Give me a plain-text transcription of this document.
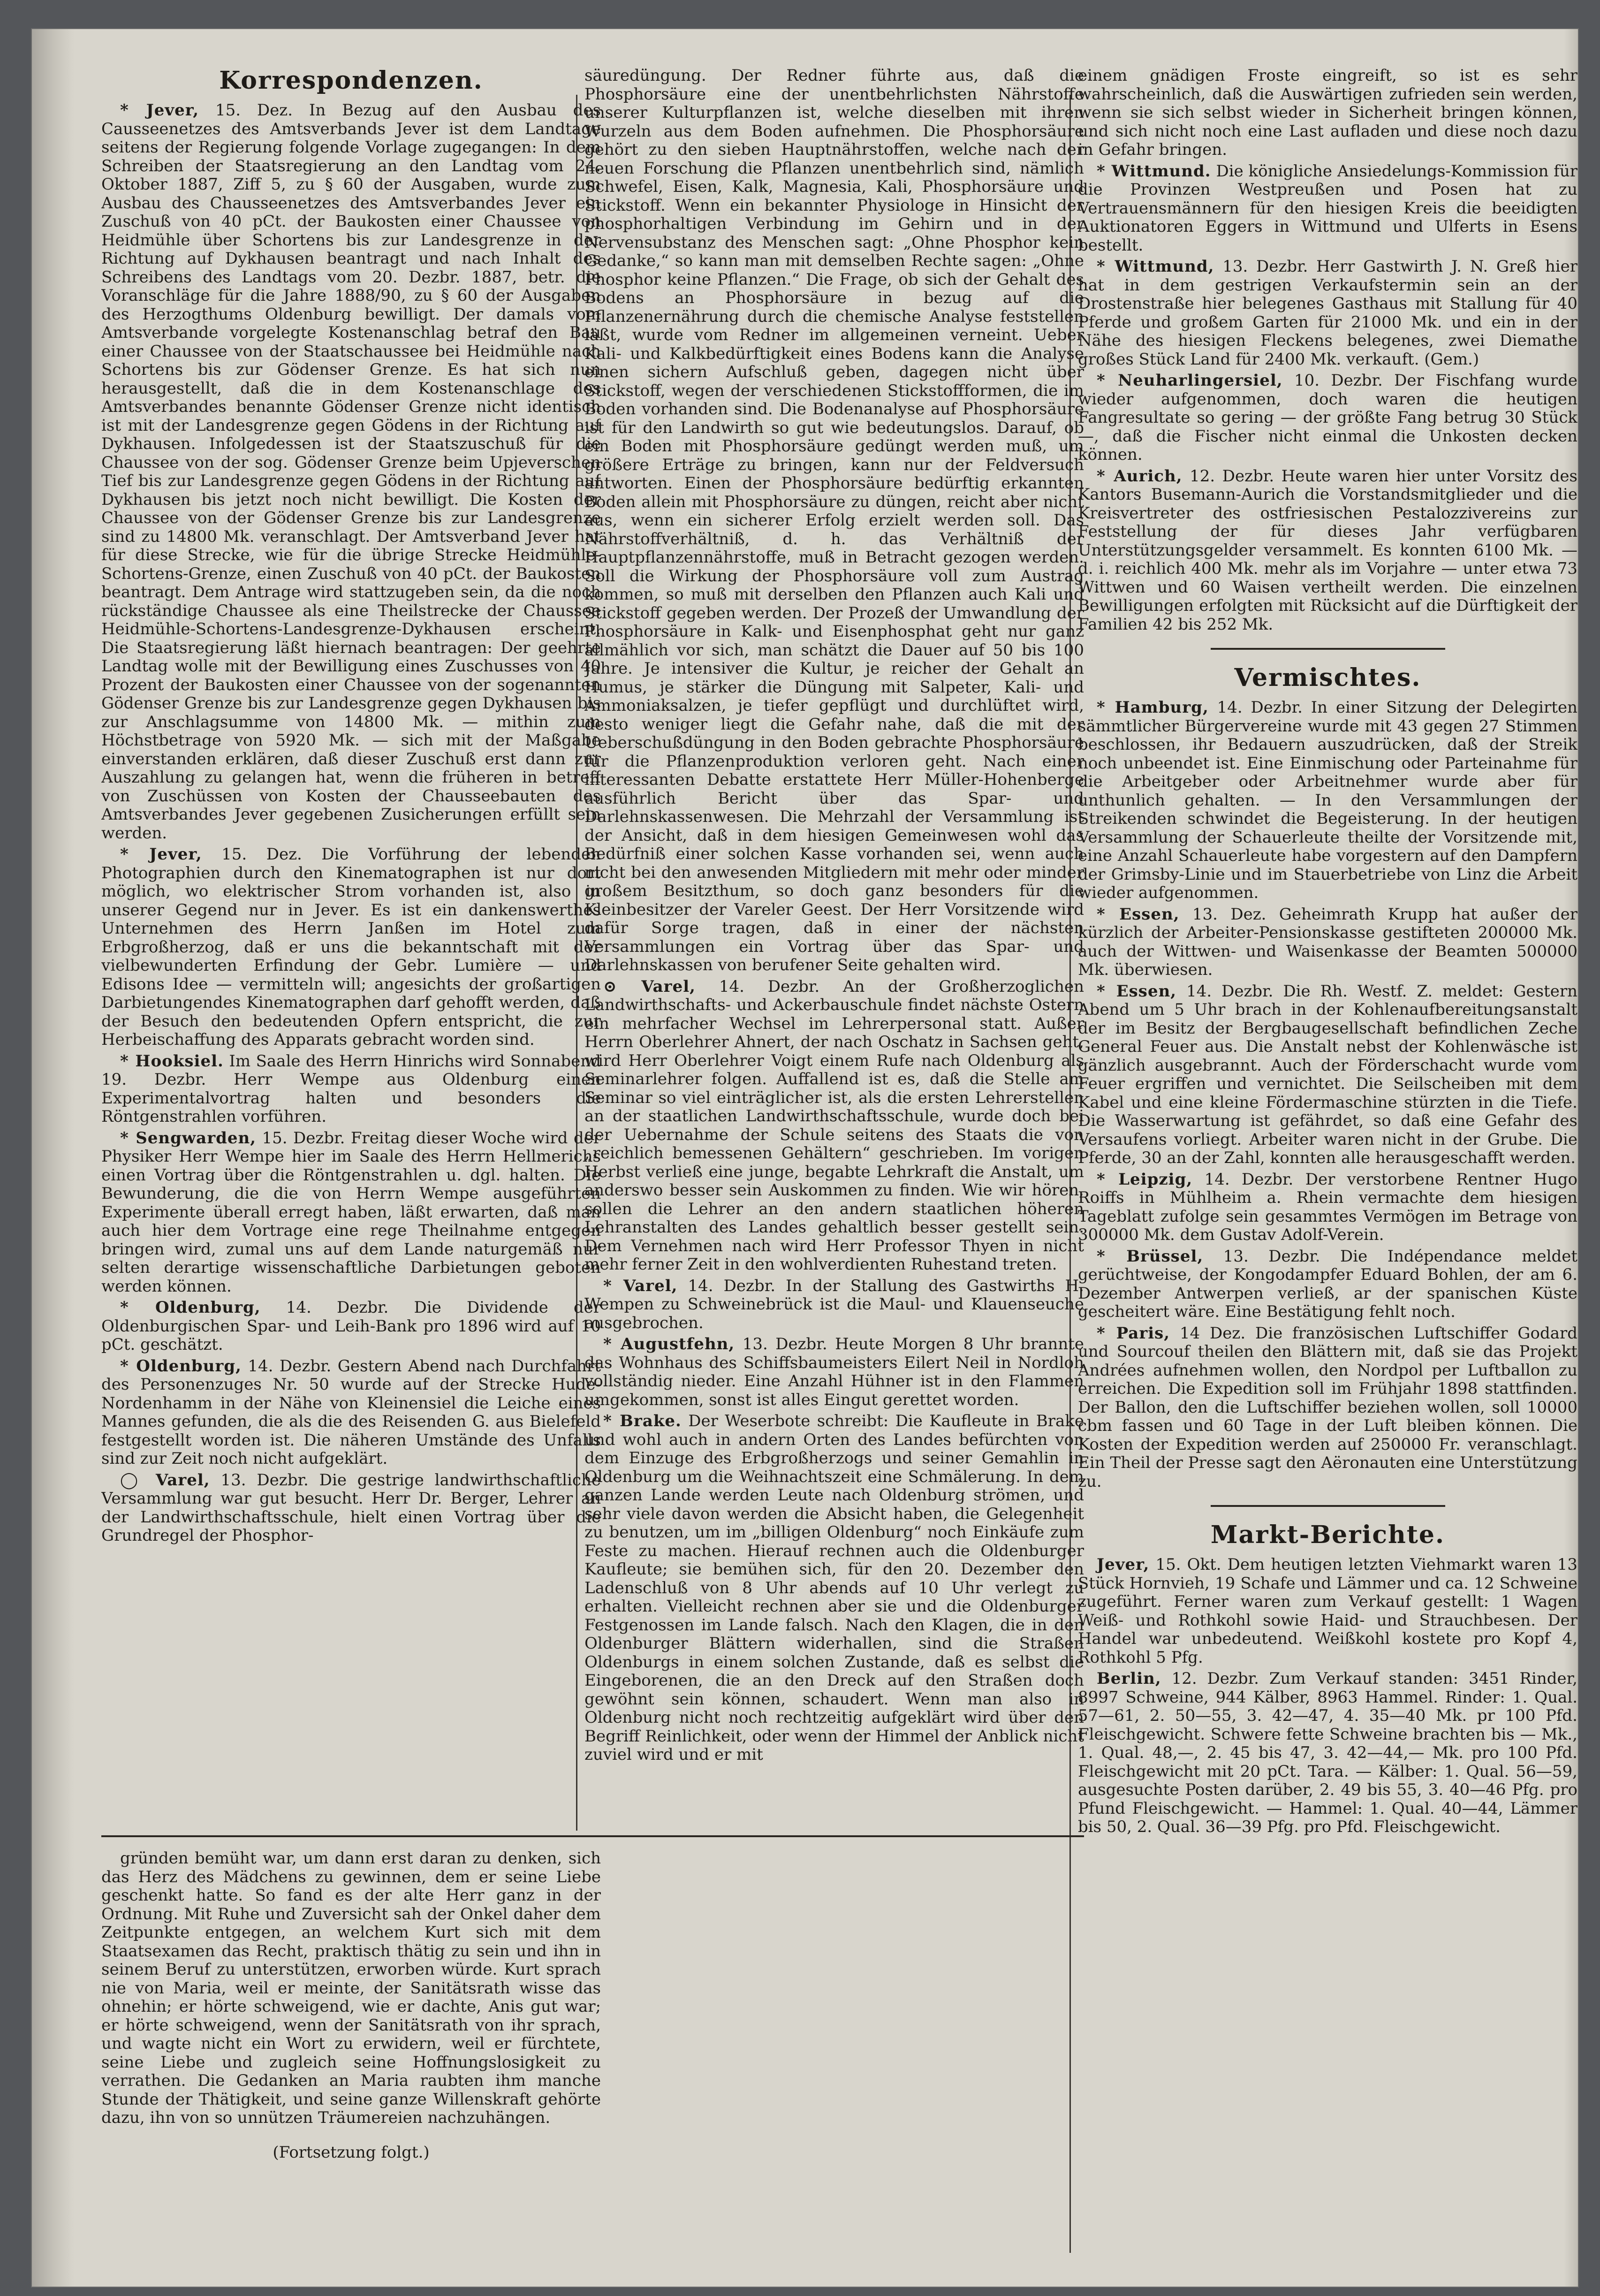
Korrespondenzen.

* Jever, 15. Dez. In Bezug auf den Ausbau des Causseenetzes des Amtsverbands Jever ist dem Landtage seitens der Regierung folgende Vorlage zugegangen: In dem Schreiben der Staatsregierung an den Landtag vom 24. Oktober 1887, Ziff 5, zu § 60 der Ausgaben, wurde zum Ausbau des Chausseenetzes des Amtsverbandes Jever ein Zuschuß von 40 pCt. der Baukosten einer Chaussee von Heidmühle über Schortens bis zur Landesgrenze in der Richtung auf Dykhausen beantragt und nach Inhalt des Schreibens des Landtags vom 20. Dezbr. 1887, betr. die Voranschläge für die Jahre 1888/90, zu § 60 der Ausgaben des Herzogthums Oldenburg bewilligt. Der damals vom Amtsverbande vorgelegte Kostenanschlag betraf den Bau einer Chaussee von der Staatschaussee bei Heidmühle nach Schortens bis zur Gödenser Grenze. Es hat sich nun herausgestellt, daß die in dem Kostenanschlage des Amtsverbandes benannte Gödenser Grenze nicht identisch ist mit der Landesgrenze gegen Gödens in der Richtung auf Dykhausen. Infolgedessen ist der Staatszuschuß für die Chaussee von der sog. Gödenser Grenze beim Upjeverschen Tief bis zur Landesgrenze gegen Gödens in der Richtung auf Dykhausen bis jetzt noch nicht bewilligt. Die Kosten der Chaussee von der Gödenser Grenze bis zur Landesgrenze sind zu 14800 Mk. veranschlagt. Der Amtsverband Jever hat für diese Strecke, wie für die übrige Strecke Heidmühle-Schortens-Grenze, einen Zuschuß von 40 pCt. der Baukosten beantragt. Dem Antrage wird stattzugeben sein, da die noch rückständige Chaussee als eine Theilstrecke der Chaussee Heidmühle-Schortens-Landesgrenze-Dykhausen erscheint. Die Staatsregierung läßt hiernach beantragen: Der geehrte Landtag wolle mit der Bewilligung eines Zuschusses von 40 Prozent der Baukosten einer Chaussee von der sogenannten Gödenser Grenze bis zur Landesgrenze gegen Dykhausen bis zur Anschlagsumme von 14800 Mk. — mithin zum Höchstbetrage von 5920 Mk. — sich mit der Maßgabe einverstanden erklären, daß dieser Zuschuß erst dann zur Auszahlung zu gelangen hat, wenn die früheren in betreff von Zuschüssen von Kosten der Chausseebauten des Amtsverbandes Jever gegebenen Zusicherungen erfüllt sein werden.

* Jever, 15. Dez. Die Vorführung der lebenden Photographien durch den Kinematographen ist nur dort möglich, wo elektrischer Strom vorhanden ist, also in unserer Gegend nur in Jever. Es ist ein dankenswerthes Unternehmen des Herrn Janßen im Hotel zum Erbgroßherzog, daß er uns die bekanntschaft mit der vielbewunderten Erfindung der Gebr. Lumière — und Edisons Idee — vermitteln will; angesichts der großartigen Darbietungendes Kinematographen darf gehofft werden, daß der Besuch den bedeutenden Opfern entspricht, die zur Herbeischaffung des Apparats gebracht worden sind.

* Hooksiel. Im Saale des Herrn Hinrichs wird Sonnabend 19. Dezbr. Herr Wempe aus Oldenburg einen Experimentalvortrag halten und besonders die Röntgenstrahlen vorführen.

* Sengwarden, 15. Dezbr. Freitag dieser Woche wird der Physiker Herr Wempe hier im Saale des Herrn Hellmerichs einen Vortrag über die Röntgenstrahlen u. dgl. halten. Die Bewunderung, die die von Herrn Wempe ausgeführten Experimente überall erregt haben, läßt erwarten, daß man auch hier dem Vortrage eine rege Theilnahme entgegen bringen wird, zumal uns auf dem Lande naturgemäß nur selten derartige wissenschaftliche Darbietungen geboten werden können.

* Oldenburg, 14. Dezbr. Die Dividende der Oldenburgischen Spar- und Leih-Bank pro 1896 wird auf 10 pCt. geschätzt.

* Oldenburg, 14. Dezbr. Gestern Abend nach Durchfahrt des Personenzuges Nr. 50 wurde auf der Strecke Hude-Nordenhamm in der Nähe von Kleinensiel die Leiche eines Mannes gefunden, die als die des Reisenden G. aus Bielefeld festgestellt worden ist. Die näheren Umstände des Unfalls sind zur Zeit noch nicht aufgeklärt.

◯ Varel, 13. Dezbr. Die gestrige landwirthschaftliche Versammlung war gut besucht. Herr Dr. Berger, Lehrer an der Landwirthschaftsschule, hielt einen Vortrag über die Grundregel der Phosphor-

gründen bemüht war, um dann erst daran zu denken, sich das Herz des Mädchens zu gewinnen, dem er seine Liebe geschenkt hatte. So fand es der alte Herr ganz in der Ordnung. Mit Ruhe und Zuversicht sah der Onkel daher dem Zeitpunkte entgegen, an welchem Kurt sich mit dem Staatsexamen das Recht, praktisch thätig zu sein und ihn in seinem Beruf zu unterstützen, erworben würde. Kurt sprach nie von Maria, weil er meinte, der Sanitätsrath wisse das ohnehin; er hörte schweigend, wie er dachte, Anis gut war; er hörte schweigend, wenn der Sanitätsrath von ihr sprach, und wagte nicht ein Wort zu erwidern, weil er fürchtete, seine Liebe und zugleich seine Hoffnungslosigkeit zu verrathen. Die Gedanken an Maria raubten ihm manche Stunde der Thätigkeit, und seine ganze Willenskraft gehörte dazu, ihn von so unnützen Träumereien nachzuhängen.

(Fortsetzung folgt.)

säuredüngung. Der Redner führte aus, daß die Phosphorsäure eine der unentbehrlichsten Nährstoffe unserer Kulturpflanzen ist, welche dieselben mit ihren Wurzeln aus dem Boden aufnehmen. Die Phosphorsäure gehört zu den sieben Hauptnährstoffen, welche nach der neuen Forschung die Pflanzen unentbehrlich sind, nämlich Schwefel, Eisen, Kalk, Magnesia, Kali, Phosphorsäure und Stickstoff. Wenn ein bekannter Physiologe in Hinsicht der phosphorhaltigen Verbindung im Gehirn und in der Nervensubstanz des Menschen sagt: „Ohne Phosphor kein Gedanke,“ so kann man mit demselben Rechte sagen: „Ohne Phosphor keine Pflanzen.“ Die Frage, ob sich der Gehalt des Bodens an Phosphorsäure in bezug auf die Pflanzenernährung durch die chemische Analyse feststellen läßt, wurde vom Redner im allgemeinen verneint. Ueber Kali- und Kalkbedürftigkeit eines Bodens kann die Analyse einen sichern Aufschluß geben, dagegen nicht über Stickstoff, wegen der verschiedenen Stickstoffformen, die im Boden vorhanden sind. Die Bodenanalyse auf Phosphorsäure ist für den Landwirth so gut wie bedeutungslos. Darauf, ob ein Boden mit Phosphorsäure gedüngt werden muß, um größere Erträge zu bringen, kann nur der Feldversuch antworten. Einen der Phosphorsäure bedürftig erkannten Boden allein mit Phosphorsäure zu düngen, reicht aber nicht aus, wenn ein sicherer Erfolg erzielt werden soll. Das Nährstoffverhältniß, d. h. das Verhältniß der Hauptpflanzennährstoffe, muß in Betracht gezogen werden. Soll die Wirkung der Phosphorsäure voll zum Austrag kommen, so muß mit derselben den Pflanzen auch Kali und Stickstoff gegeben werden. Der Prozeß der Umwandlung der Phosphorsäure in Kalk- und Eisenphosphat geht nur ganz allmählich vor sich, man schätzt die Dauer auf 50 bis 100 Jahre. Je intensiver die Kultur, je reicher der Gehalt an Humus, je stärker die Düngung mit Salpeter, Kali- und Ammoniaksalzen, je tiefer gepflügt und durchlüftet wird, desto weniger liegt die Gefahr nahe, daß die mit der Ueberschußdüngung in den Boden gebrachte Phosphorsäure für die Pflanzenproduktion verloren geht. Nach einer interessanten Debatte erstattete Herr Müller-Hohenberge ausführlich Bericht über das Spar- und Darlehnskassenwesen. Die Mehrzahl der Versammlung ist der Ansicht, daß in dem hiesigen Gemeinwesen wohl das Bedürfniß einer solchen Kasse vorhanden sei, wenn auch nicht bei den anwesenden Mitgliedern mit mehr oder minder großem Besitzthum, so doch ganz besonders für die Kleinbesitzer der Vareler Geest. Der Herr Vorsitzende wird dafür Sorge tragen, daß in einer der nächsten Versammlungen ein Vortrag über das Spar- und Darlehnskassen von berufener Seite gehalten wird.

⊙ Varel, 14. Dezbr. An der Großherzoglichen Landwirthschafts- und Ackerbauschule findet nächste Ostern ein mehrfacher Wechsel im Lehrerpersonal statt. Außer Herrn Oberlehrer Ahnert, der nach Oschatz in Sachsen geht, wird Herr Oberlehrer Voigt einem Rufe nach Oldenburg als Seminarlehrer folgen. Auffallend ist es, daß die Stelle am Seminar so viel einträglicher ist, als die ersten Lehrerstellen an der staatlichen Landwirthschaftsschule, wurde doch bei der Uebernahme der Schule seitens des Staats die von „reichlich bemessenen Gehältern“ geschrieben. Im vorigen Herbst verließ eine junge, begabte Lehrkraft die Anstalt, um anderswo besser sein Auskommen zu finden. Wie wir hören, sollen die Lehrer an den andern staatlichen höheren Lehranstalten des Landes gehaltlich besser gestellt sein. Dem Vernehmen nach wird Herr Professor Thyen in nicht mehr ferner Zeit in den wohlverdienten Ruhestand treten.

* Varel, 14. Dezbr. In der Stallung des Gastwirths H. Wempen zu Schweinebrück ist die Maul- und Klauenseuche ausgebrochen.

* Augustfehn, 13. Dezbr. Heute Morgen 8 Uhr brannte das Wohnhaus des Schiffsbaumeisters Eilert Neil in Nordloh vollständig nieder. Eine Anzahl Hühner ist in den Flammen umgekommen, sonst ist alles Eingut gerettet worden.

* Brake. Der Weserbote schreibt: Die Kaufleute in Brake und wohl auch in andern Orten des Landes befürchten von dem Einzuge des Erbgroßherzogs und seiner Gemahlin in Oldenburg um die Weihnachtszeit eine Schmälerung. In dem ganzen Lande werden Leute nach Oldenburg strömen, und sehr viele davon werden die Absicht haben, die Gelegenheit zu benutzen, um im „billigen Oldenburg“ noch Einkäufe zum Feste zu machen. Hierauf rechnen auch die Oldenburger Kaufleute; sie bemühen sich, für den 20. Dezember den Ladenschluß von 8 Uhr abends auf 10 Uhr verlegt zu erhalten. Vielleicht rechnen aber sie und die Oldenburger Festgenossen im Lande falsch. Nach den Klagen, die in den Oldenburger Blättern widerhallen, sind die Straßen Oldenburgs in einem solchen Zustande, daß es selbst die Eingeborenen, die an den Dreck auf den Straßen doch gewöhnt sein können, schaudert. Wenn man also in Oldenburg nicht noch rechtzeitig aufgeklärt wird über den Begriff Reinlichkeit, oder wenn der Himmel der Anblick nicht zuviel wird und er mit

einem gnädigen Froste eingreift, so ist es sehr wahrscheinlich, daß die Auswärtigen zufrieden sein werden, wenn sie sich selbst wieder in Sicherheit bringen können, und sich nicht noch eine Last aufladen und diese noch dazu in Gefahr bringen.

* Wittmund. Die königliche Ansiedelungs-Kommission für die Provinzen Westpreußen und Posen hat zu Vertrauensmännern für den hiesigen Kreis die beeidigten Auktionatoren Eggers in Wittmund und Ulferts in Esens bestellt.

* Wittmund, 13. Dezbr. Herr Gastwirth J. N. Greß hier hat in dem gestrigen Verkaufstermin sein an der Drostenstraße hier belegenes Gasthaus mit Stallung für 40 Pferde und großem Garten für 21000 Mk. und ein in der Nähe des hiesigen Fleckens belegenes, zwei Diemathe großes Stück Land für 2400 Mk. verkauft. (Gem.)

* Neuharlingersiel, 10. Dezbr. Der Fischfang wurde wieder aufgenommen, doch waren die heutigen Fangresultate so gering — der größte Fang betrug 30 Stück —, daß die Fischer nicht einmal die Unkosten decken können.

* Aurich, 12. Dezbr. Heute waren hier unter Vorsitz des Kantors Busemann-Aurich die Vorstandsmitglieder und die Kreisvertreter des ostfriesischen Pestalozzivereins zur Feststellung der für dieses Jahr verfügbaren Unterstützungsgelder versammelt. Es konnten 6100 Mk. — d. i. reichlich 400 Mk. mehr als im Vorjahre — unter etwa 73 Wittwen und 60 Waisen vertheilt werden. Die einzelnen Bewilligungen erfolgten mit Rücksicht auf die Dürftigkeit der Familien 42 bis 252 Mk.

Vermischtes.

* Hamburg, 14. Dezbr. In einer Sitzung der Delegirten sämmtlicher Bürgervereine wurde mit 43 gegen 27 Stimmen beschlossen, ihr Bedauern auszudrücken, daß der Streik noch unbeendet ist. Eine Einmischung oder Parteinahme für die Arbeitgeber oder Arbeitnehmer wurde aber für unthunlich gehalten. — In den Versammlungen der Streikenden schwindet die Begeisterung. In der heutigen Versammlung der Schauerleute theilte der Vorsitzende mit, eine Anzahl Schauerleute habe vorgestern auf den Dampfern der Grimsby-Linie und im Stauerbetriebe von Linz die Arbeit wieder aufgenommen.

* Essen, 13. Dez. Geheimrath Krupp hat außer der kürzlich der Arbeiter-Pensionskasse gestifteten 200000 Mk. auch der Wittwen- und Waisenkasse der Beamten 500000 Mk. überwiesen.

* Essen, 14. Dezbr. Die Rh. Westf. Z. meldet: Gestern Abend um 5 Uhr brach in der Kohlenaufbereitungsanstalt der im Besitz der Bergbaugesellschaft befindlichen Zeche General Feuer aus. Die Anstalt nebst der Kohlenwäsche ist gänzlich ausgebrannt. Auch der Förderschacht wurde vom Feuer ergriffen und vernichtet. Die Seilscheiben mit dem Kabel und eine kleine Fördermaschine stürzten in die Tiefe. Die Wasserwartung ist gefährdet, so daß eine Gefahr des Versaufens vorliegt. Arbeiter waren nicht in der Grube. Die Pferde, 30 an der Zahl, konnten alle herausgeschafft werden.

* Leipzig, 14. Dezbr. Der verstorbene Rentner Hugo Roiffs in Mühlheim a. Rhein vermachte dem hiesigen Tageblatt zufolge sein gesammtes Vermögen im Betrage von 300000 Mk. dem Gustav Adolf-Verein.

* Brüssel, 13. Dezbr. Die Indépendance meldet gerüchtweise, der Kongodampfer Eduard Bohlen, der am 6. Dezember Antwerpen verließ, ar der spanischen Küste gescheitert wäre. Eine Bestätigung fehlt noch.

* Paris, 14 Dez. Die französischen Luftschiffer Godard und Sourcouf theilen den Blättern mit, daß sie das Projekt Andrées aufnehmen wollen, den Nordpol per Luftballon zu erreichen. Die Expedition soll im Frühjahr 1898 stattfinden. Der Ballon, den die Luftschiffer beziehen wollen, soll 10000 cbm fassen und 60 Tage in der Luft bleiben können. Die Kosten der Expedition werden auf 250000 Fr. veranschlagt. Ein Theil der Presse sagt den Aëronauten eine Unterstützung zu.

Markt-Berichte.

Jever, 15. Okt. Dem heutigen letzten Viehmarkt waren 13 Stück Hornvieh, 19 Schafe und Lämmer und ca. 12 Schweine zugeführt. Ferner waren zum Verkauf gestellt: 1 Wagen Weiß- und Rothkohl sowie Haid- und Strauchbesen. Der Handel war unbedeutend. Weißkohl kostete pro Kopf 4, Rothkohl 5 Pfg.

Berlin, 12. Dezbr. Zum Verkauf standen: 3451 Rinder, 8997 Schweine, 944 Kälber, 8963 Hammel. Rinder: 1. Qual. 57—61, 2. 50—55, 3. 42—47, 4. 35—40 Mk. pr 100 Pfd. Fleischgewicht. Schwere fette Schweine brachten bis — Mk., 1. Qual. 48,—, 2. 45 bis 47, 3. 42—44,— Mk. pro 100 Pfd. Fleischgewicht mit 20 pCt. Tara. — Kälber: 1. Qual. 56—59, ausgesuchte Posten darüber, 2. 49 bis 55, 3. 40—46 Pfg. pro Pfund Fleischgewicht. — Hammel: 1. Qual. 40—44, Lämmer bis 50, 2. Qual. 36—39 Pfg. pro Pfd. Fleischgewicht.
